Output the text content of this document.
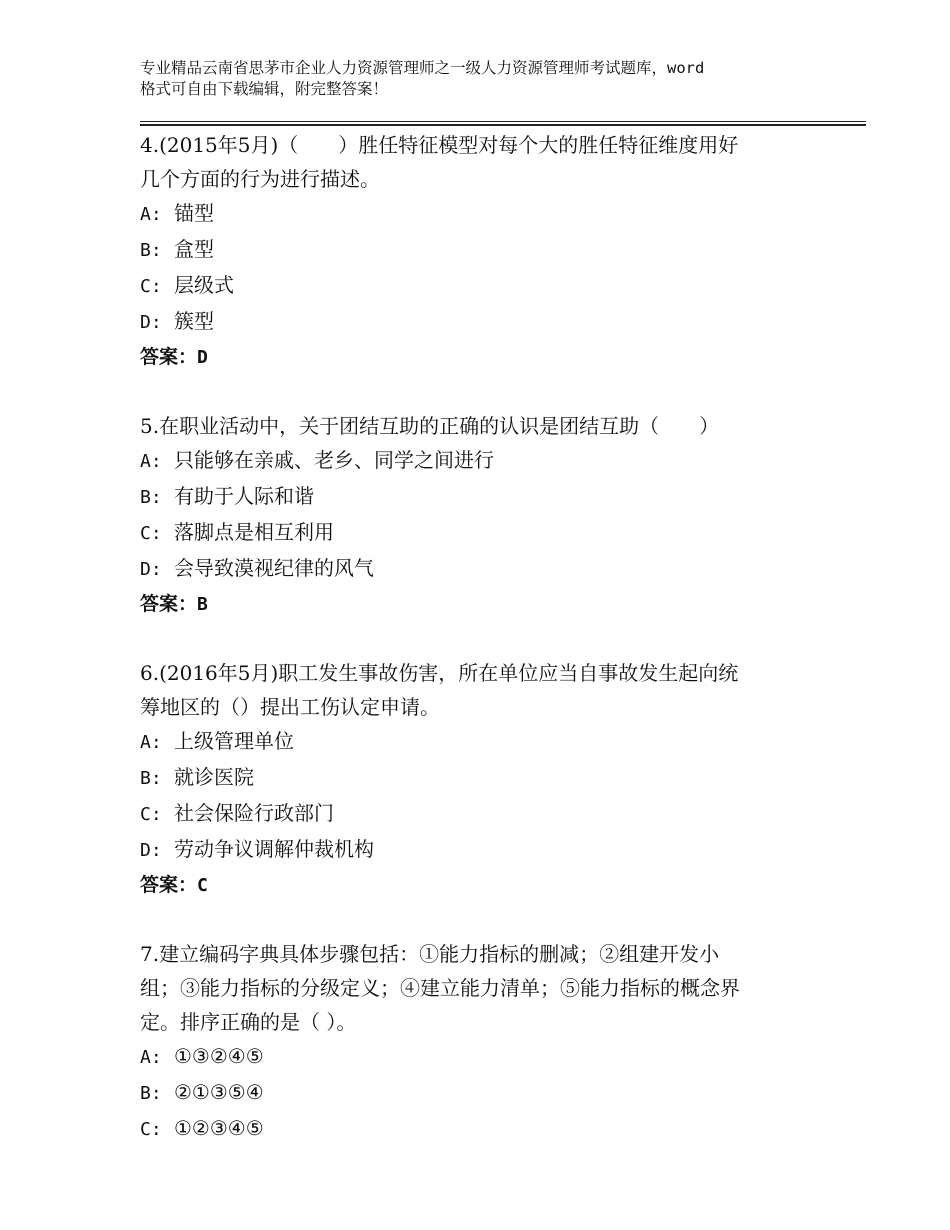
专业精品云南省思茅市企业人力资源管理师之一级人力资源管理师考试题库，word
格式可自由下载编辑，附完整答案！
4.(2015年5月)（　　）胜任特征模型对每个大的胜任特征维度用好
几个方面的行为进行描述。
A: 锚型
B: 盒型
C: 层级式
D: 簇型
答案：D
5.在职业活动中，关于团结互助的正确的认识是团结互助（　　）
A: 只能够在亲戚、老乡、同学之间进行
B: 有助于人际和谐
C: 落脚点是相互利用
D: 会导致漠视纪律的风气
答案：B
6.(2016年5月)职工发生事故伤害，所在单位应当自事故发生起向统
筹地区的（）提出工伤认定申请。
A: 上级管理单位
B: 就诊医院
C: 社会保险行政部门
D: 劳动争议调解仲裁机构
答案：C
7.建立编码字典具体步骤包括：①能力指标的删减；②组建开发小
组；③能力指标的分级定义；④建立能力清单；⑤能力指标的概念界
定。排序正确的是（ ）。
A: ①③②④⑤
B: ②①③⑤④
C: ①②③④⑤
